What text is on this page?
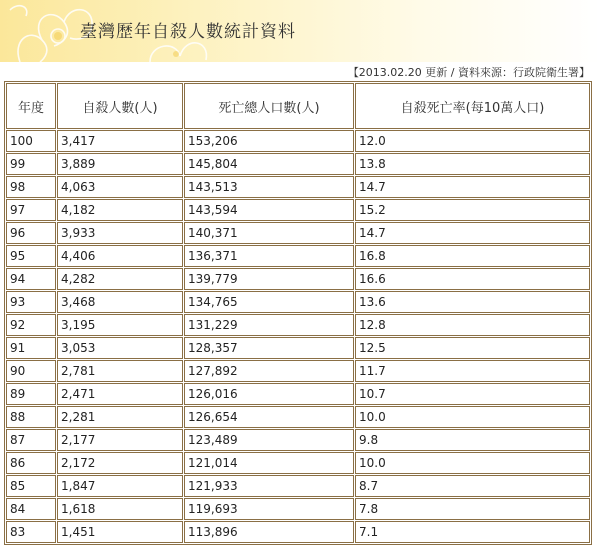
臺灣歷年自殺人數統計資料
【2013.02.20 更新 / 資料來源：行政院衛生署】
年度	自殺人數(人)	死亡總人口數(人)	自殺死亡率(每10萬人口)
100	3,417	153,206	12.0
99	3,889	145,804	13.8
98	4,063	143,513	14.7
97	4,182	143,594	15.2
96	3,933	140,371	14.7
95	4,406	136,371	16.8
94	4,282	139,779	16.6
93	3,468	134,765	13.6
92	3,195	131,229	12.8
91	3,053	128,357	12.5
90	2,781	127,892	11.7
89	2,471	126,016	10.7
88	2,281	126,654	10.0
87	2,177	123,489	9.8
86	2,172	121,014	10.0
85	1,847	121,933	8.7
84	1,618	119,693	7.8
83	1,451	113,896	7.1
